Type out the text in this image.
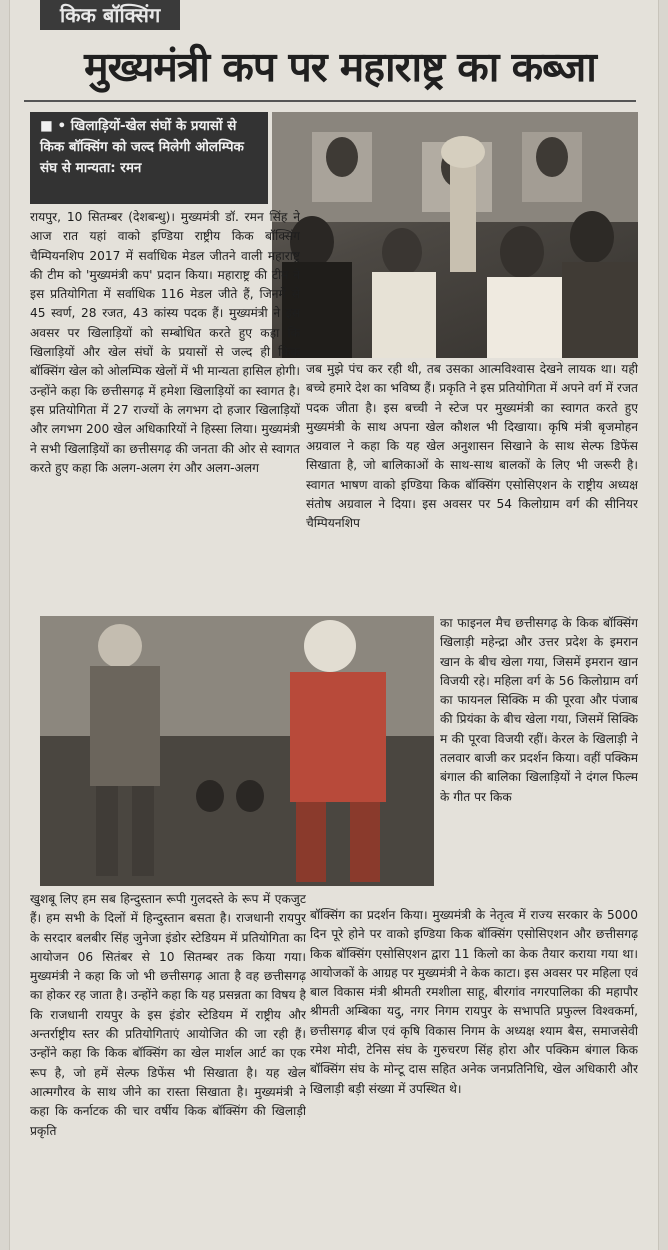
किक बॉक्सिंग
मुख्यमंत्री कप पर महाराष्ट्र का कब्जा
■ • खिलाड़ियों-खेल संघों के प्रयासों से किक बॉक्सिंग को जल्द मिलेगी ओलम्पिक संघ से मान्यता: रमन
रायपुर, 10 सितम्बर (देशबन्धु)। मुख्यमंत्री डॉ. रमन सिंह ने आज रात यहां वाको इण्डिया राष्ट्रीय किक बॉक्सिंग चैम्पियनशिप 2017 में सर्वाधिक मेडल जीतने वाली महाराष्ट्र की टीम को 'मुख्यमंत्री कप' प्रदान किया। महाराष्ट्र की टीम ने इस प्रतियोगिता में सर्वाधिक 116 मेडल जीते हैं, जिनमें से 45 स्वर्ण, 28 रजत, 43 कांस्य पदक हैं। मुख्यमंत्री ने इस अवसर पर खिलाड़ियों को सम्बोधित करते हुए कहा कि खिलाड़ियों और खेल संघों के प्रयासों से जल्द ही किक बॉक्सिंग खेल को ओलम्पिक खेलों में भी मान्यता हासिल होगी। उन्होंने कहा कि छत्तीसगढ़ में हमेशा खिलाड़ियों का स्वागत है। इस प्रतियोगिता में 27 राज्यों के लगभग दो हजार खिलाड़ियों और लगभग 200 खेल अधिकारियों ने हिस्सा लिया। मुख्यमंत्री ने सभी खिलाड़ियों का छत्तीसगढ़ की जनता की ओर से स्वागत करते हुए कहा कि अलग-अलग रंग और अलग-अलग
जब मुझे पंच कर रही थी, तब उसका आत्मविश्वास देखने लायक था। यही बच्चे हमारे देश का भविष्य हैं। प्रकृति ने इस प्रतियोगिता में अपने वर्ग में रजत पदक जीता है। इस बच्ची ने स्टेज पर मुख्यमंत्री का स्वागत करते हुए मुख्यमंत्री के साथ अपना खेल कौशल भी दिखाया। कृषि मंत्री बृजमोहन अग्रवाल ने कहा कि यह खेल अनुशासन सिखाने के साथ सेल्फ डिफेंस सिखाता है, जो बालिकाओं के साथ-साथ बालकों के लिए भी जरूरी है। स्वागत भाषण वाको इण्डिया किक बॉक्सिंग एसोसिएशन के राष्ट्रीय अध्यक्ष संतोष अग्रवाल ने दिया। इस अवसर पर 54 किलोग्राम वर्ग की सीनियर चैम्पियनशिप
का फाइनल मैच छत्तीसगढ़ के किक बॉक्सिंग खिलाड़ी महेन्द्रा और उत्तर प्रदेश के इमरान खान के बीच खेला गया, जिसमें इमरान खान विजयी रहे। महिला वर्ग के 56 किलोग्राम वर्ग का फायनल सिक्कि म की पूरवा और पंजाब की प्रियंका के बीच खेला गया, जिसमें सिक्कि म की पूरवा विजयी रहीं। केरल के खिलाड़ी ने तलवार बाजी कर प्रदर्शन किया। वहीं पक्किम बंगाल की बालिका खिलाड़ियों ने दंगल फिल्म के गीत पर किक
खुशबू लिए हम सब हिन्दुस्तान रूपी गुलदस्ते के रूप में एकजुट हैं। हम सभी के दिलों में हिन्दुस्तान बसता है। राजधानी रायपुर के सरदार बलबीर सिंह जुनेजा इंडोर स्टेडियम में प्रतियोगिता का आयोजन 06 सितंबर से 10 सितम्बर तक किया गया। मुख्यमंत्री ने कहा कि जो भी छत्तीसगढ़ आता है वह छत्तीसगढ़ का होकर रह जाता है। उन्होंने कहा कि यह प्रसन्नता का विषय है कि राजधानी रायपुर के इस इंडोर स्टेडियम में राष्ट्रीय और अन्तर्राष्ट्रीय स्तर की प्रतियोगिताएं आयोजित की जा रही हैं। उन्होंने कहा कि किक बॉक्सिंग का खेल मार्शल आर्ट का एक रूप है, जो हमें सेल्फ डिफेंस भी सिखाता है। यह खेल आत्मगौरव के साथ जीने का रास्ता सिखाता है। मुख्यमंत्री ने कहा कि कर्नाटक की चार वर्षीय किक बॉक्सिंग की खिलाड़ी प्रकृति
बॉक्सिंग का प्रदर्शन किया। मुख्यमंत्री के नेतृत्व में राज्य सरकार के 5000 दिन पूरे होने पर वाको इण्डिया किक बॉक्सिंग एसोसिएशन और छत्तीसगढ़ किक बॉक्सिंग एसोसिएशन द्वारा 11 किलो का केक तैयार कराया गया था। आयोजकों के आग्रह पर मुख्यमंत्री ने केक काटा। इस अवसर पर महिला एवं बाल विकास मंत्री श्रीमती रमशीला साहू, बीरगांव नगरपालिका की महापौर श्रीमती अम्बिका यदु, नगर निगम रायपुर के सभापति प्रफुल्ल विश्वकर्मा, छत्तीसगढ़ बीज एवं कृषि विकास निगम के अध्यक्ष श्याम बैस, समाजसेवी रमेश मोदी, टेनिस संघ के गुरुचरण सिंह होरा और पक्किम बंगाल किक बॉक्सिंग संघ के मोन्टू दास सहित अनेक जनप्रतिनिधि, खेल अधिकारी और खिलाड़ी बड़ी संख्या में उपस्थित थे।
